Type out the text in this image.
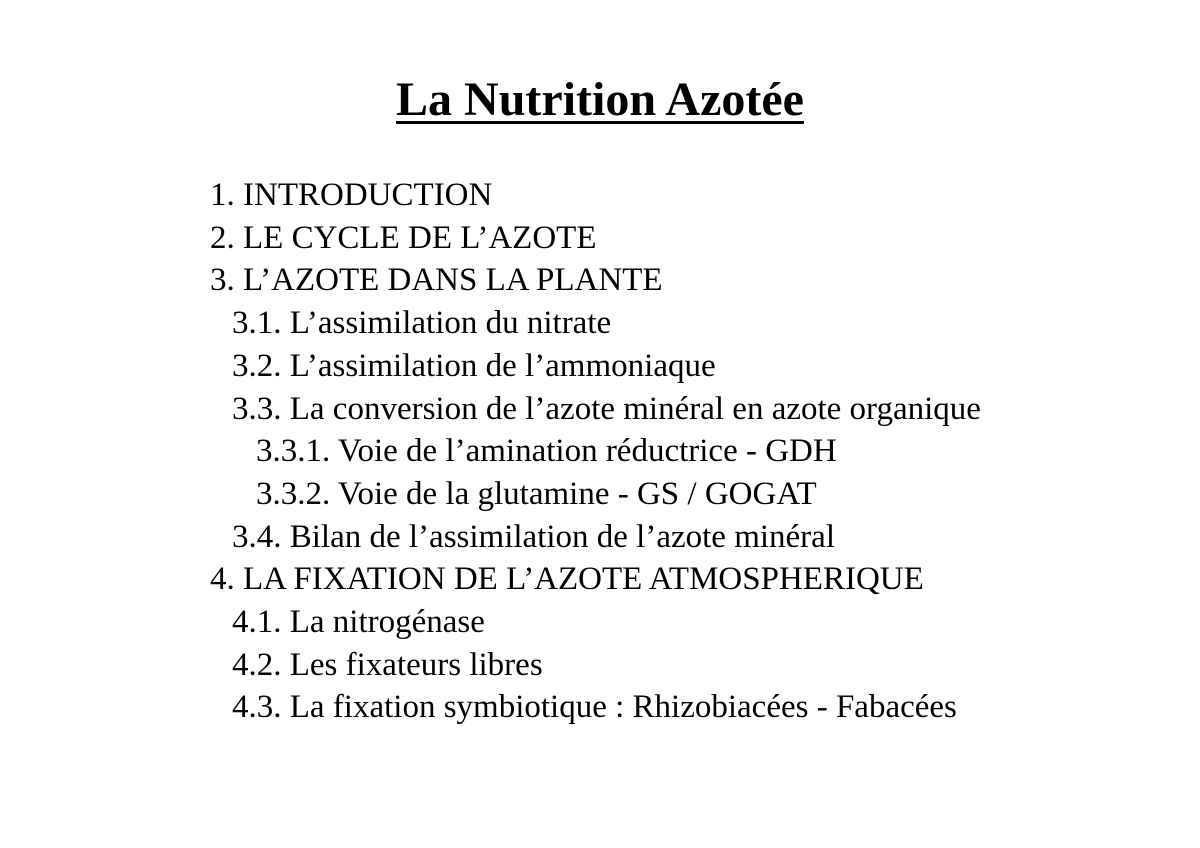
La Nutrition Azotée
1. INTRODUCTION
2. LE CYCLE DE L’AZOTE
3. L’AZOTE DANS LA PLANTE
3.1. L’assimilation du nitrate
3.2. L’assimilation de l’ammoniaque
3.3. La conversion de l’azote minéral en azote organique
3.3.1. Voie de l’amination réductrice - GDH
3.3.2. Voie de la glutamine - GS / GOGAT
3.4. Bilan de l’assimilation de l’azote minéral
4. LA FIXATION DE L’AZOTE ATMOSPHERIQUE
4.1. La nitrogénase
4.2. Les fixateurs libres
4.3. La fixation symbiotique : Rhizobiacées - Fabacées
